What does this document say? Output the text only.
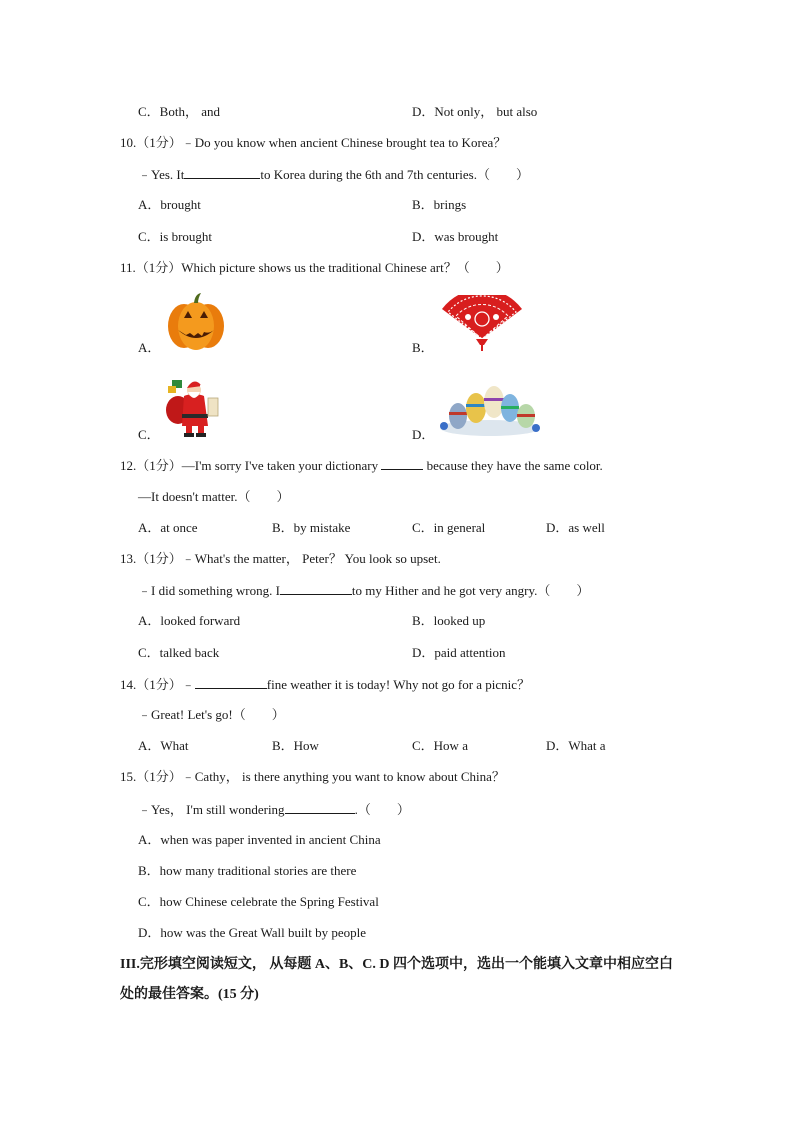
C．Both， and	D．Not only， but also
10.（1分）﹣Do you know when ancient Chinese brought tea to Korea？
﹣Yes. It	to Korea during the 6th and 7th centuries.（　　）
A．brought	B．brings
C．is brought	D．was brought
11.（1分）Which picture shows us the traditional Chinese art？（　　）
A．	B．
C．	D．
12.（1分）—I'm sorry I've taken your dictionary	because they have the same color.
—It doesn't matter.（　　）
A．at once	B．by mistake	C．in general	D．as well
13.（1分）﹣What's the matter， Peter？ You look so upset.
﹣I did something wrong. I	to my Hither and he got very angry.（　　）
A．looked forward	B．looked up
C．talked back	D．paid attention
14.（1分）﹣	fine weather it is today! Why not go for a picnic？
﹣Great! Let's go!（　　）
A．What	B．How	C．How a	D．What a
15.（1分）﹣Cathy， is there anything you want to know about China？
﹣Yes， I'm still wondering	.（　　）
A．when was paper invented in ancient China
B．how many traditional stories are there
C．how Chinese celebrate the Spring Festival
D．how was the Great Wall built by people
III.完形填空阅读短文， 从每题 A、B、C. D 四个选项中，选出一个能填入文章中相应空白处的最佳答案。(15 分)
